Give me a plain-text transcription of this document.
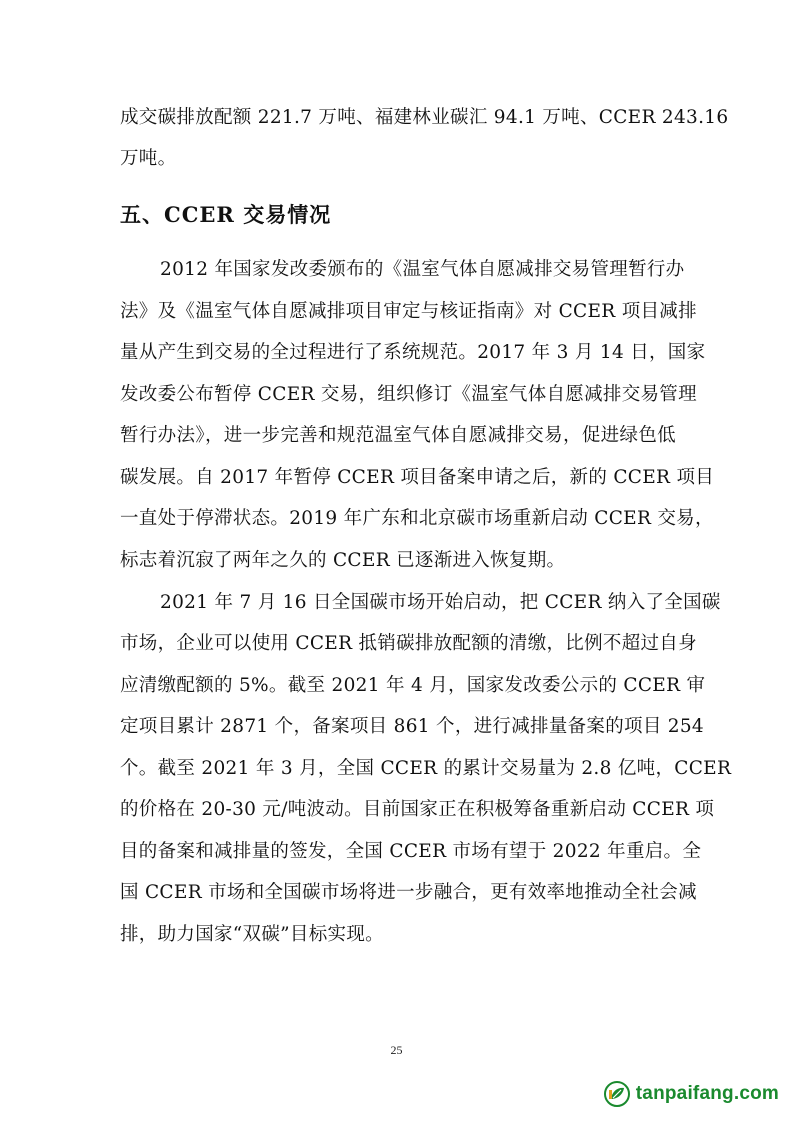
成交碳排放配额 221.7 万吨、福建林业碳汇 94.1 万吨、CCER 243.16
万吨。
五、CCER 交易情况
2012 年国家发改委颁布的《温室气体自愿减排交易管理暂行办
法》及《温室气体自愿减排项目审定与核证指南》对 CCER 项目减排
量从产生到交易的全过程进行了系统规范。2017 年 3 月 14 日，国家
发改委公布暂停 CCER 交易，组织修订《温室气体自愿减排交易管理
暂行办法》，进一步完善和规范温室气体自愿减排交易，促进绿色低
碳发展。自 2017 年暂停 CCER 项目备案申请之后，新的 CCER 项目
一直处于停滞状态。2019 年广东和北京碳市场重新启动 CCER 交易，
标志着沉寂了两年之久的 CCER 已逐渐进入恢复期。
2021 年 7 月 16 日全国碳市场开始启动，把 CCER 纳入了全国碳
市场，企业可以使用 CCER 抵销碳排放配额的清缴，比例不超过自身
应清缴配额的 5%。截至 2021 年 4 月，国家发改委公示的 CCER 审
定项目累计 2871 个，备案项目 861 个，进行减排量备案的项目 254
个。截至 2021 年 3 月，全国 CCER 的累计交易量为 2.8 亿吨，CCER
的价格在 20-30 元/吨波动。目前国家正在积极筹备重新启动 CCER 项
目的备案和减排量的签发，全国 CCER 市场有望于 2022 年重启。全
国 CCER 市场和全国碳市场将进一步融合，更有效率地推动全社会减
排，助力国家“双碳”目标实现。
25
tanpaifang.com
